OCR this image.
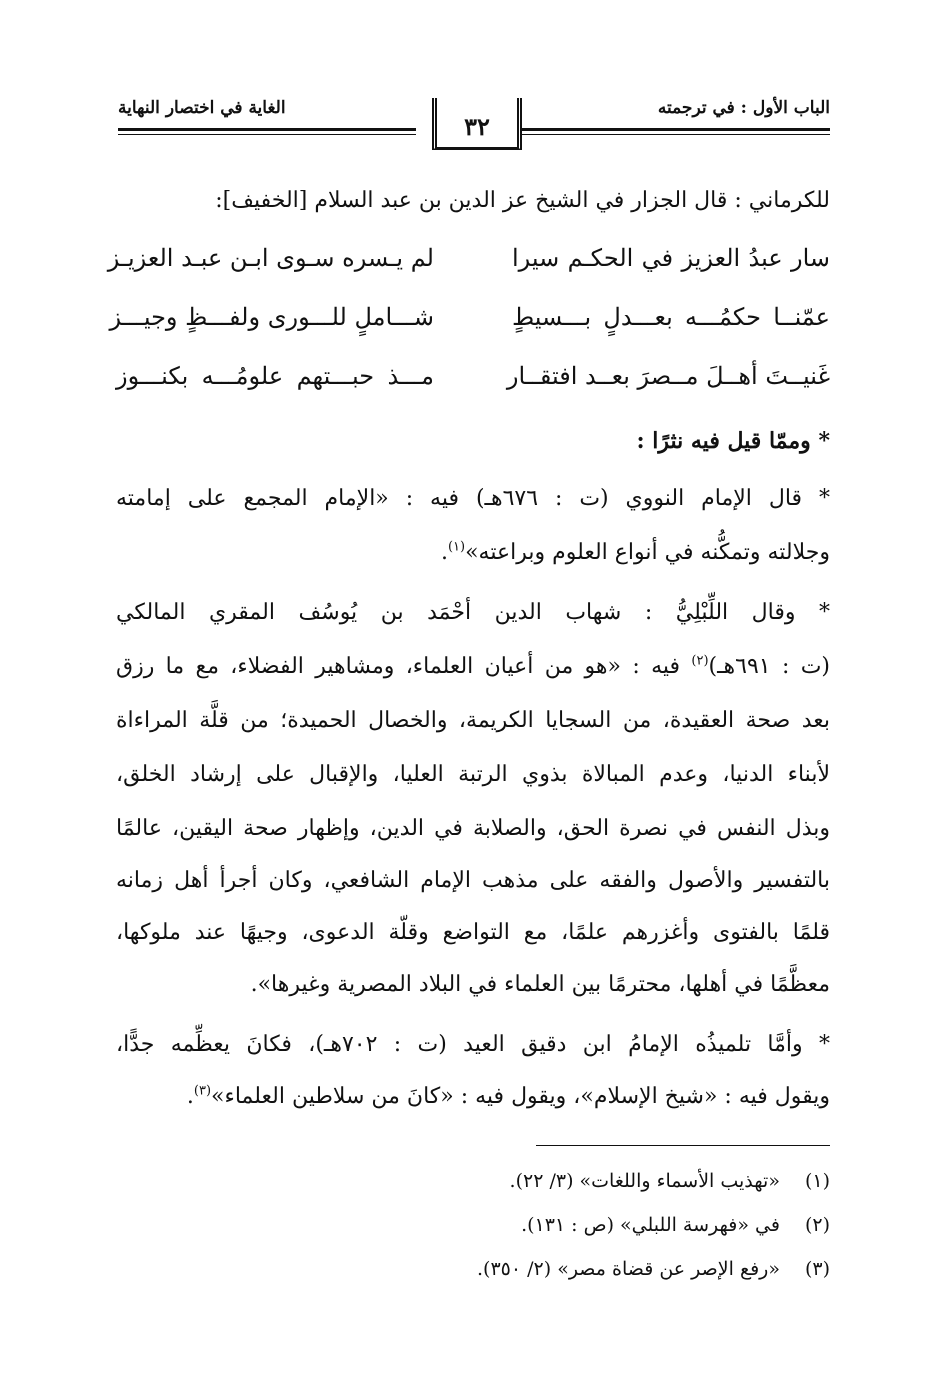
الباب الأول : في ترجمته
الغاية في اختصار النهاية
٣٢
للكرماني : قال الجزار في الشيخ عز الدين بن عبد السلام [الخفيف]:
سار عبدُ العزيز في الحكـم سيرا
لم يـسره سـوى ابـن عبـد العزيـز
عمّنــا حكمُـــه بعـــدلٍ بـــسيطٍ
شـــاملٍ للـــورى ولفـــظٍ وجيـــز
غَنيــتَ أهــلَ مــصرَ بعــد افتقــار
مـــذ حبـــتهم علومُـــه بكنـــوز
* وممّا قيل فيه نثرًا :
* قال الإمام النووي (ت : ٦٧٦هـ) فيه : «الإمام المجمع على إمامته
وجلالته وتمكُّنه في أنواع العلوم وبراعته»$^{(١)}$.
* وقال اللِّبْلِيُّ : شهاب الدين أحْمَد بن يُوسُف المقري المالكي
(ت : ٦٩١هـ)$^{(٢)}$ فيه : «هو من أعيان العلماء، ومشاهير الفضلاء، مع ما رزق
بعد صحة العقيدة، من السجايا الكريمة، والخصال الحميدة؛ من قلَّة المراءاة
لأبناء الدنيا، وعدم المبالاة بذوي الرتبة العليا، والإقبال على إرشاد الخلق،
وبذل النفس في نصرة الحق، والصلابة في الدين، وإظهار صحة اليقين، عالمًا
بالتفسير والأصول والفقه على مذهب الإمام الشافعي، وكان أجرأ أهل زمانه
قلمًا بالفتوى وأغزرهم علمًا، مع التواضع وقلّة الدعوى، وجيهًا عند ملوكها،
معظَّمًا في أهلها، محترمًا بين العلماء في البلاد المصرية وغيرها».
* وأمَّا تلميذُه الإمامُ ابن دقيق العيد (ت : ٧٠٢هـ)، فكانَ يعظِّمه جدًّا،
ويقول فيه : «شيخ الإسلام»، ويقول فيه : «كانَ من سلاطين العلماء»$^{(٣)}$.
(١) «تهذيب الأسماء واللغات» (٣/ ٢٢).
(٢) في «فهرسة اللبلي» (ص : ١٣١).
(٣) «رفع الإصر عن قضاة مصر» (٢/ ٣٥٠).
